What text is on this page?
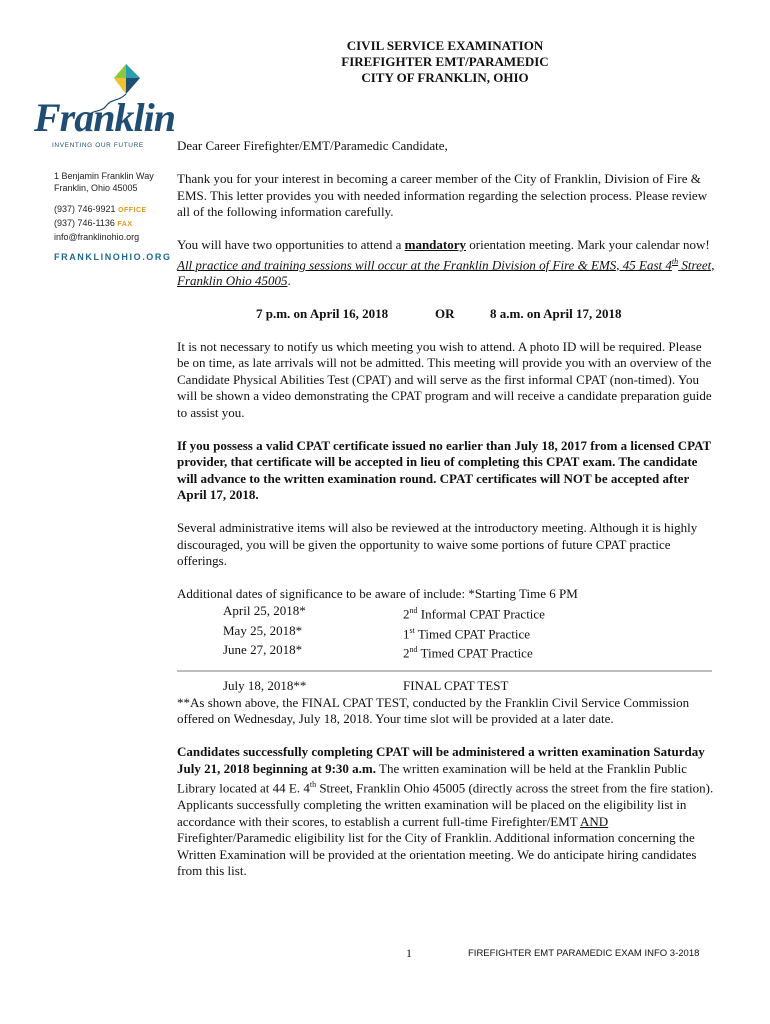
CIVIL SERVICE EXAMINATION
FIREFIGHTER EMT/PARAMEDIC
CITY OF FRANKLIN, OHIO
Franklin
INVENTING OUR FUTURE
1 Benjamin Franklin Way
Franklin, Ohio 45005
(937) 746-9921 OFFICE
(937) 746-1136 FAX
info@franklinohio.org
FRANKLINOHIO.ORG

Dear Career Firefighter/EMT/Paramedic Candidate,

Thank you for your interest in becoming a career member of the City of Franklin, Division of Fire & EMS. This letter provides you with needed information regarding the selection process. Please review all of the following information carefully.

You will have two opportunities to attend a mandatory orientation meeting. Mark your calendar now! All practice and training sessions will occur at the Franklin Division of Fire & EMS, 45 East 4th Street, Franklin Ohio 45005.

7 p.m. on April 16, 2018	OR	8 a.m. on April 17, 2018

It is not necessary to notify us which meeting you wish to attend. A photo ID will be required. Please be on time, as late arrivals will not be admitted. This meeting will provide you with an overview of the Candidate Physical Abilities Test (CPAT) and will serve as the first informal CPAT (non-timed). You will be shown a video demonstrating the CPAT program and will receive a candidate preparation guide to assist you.

If you possess a valid CPAT certificate issued no earlier than July 18, 2017 from a licensed CPAT provider, that certificate will be accepted in lieu of completing this CPAT exam. The candidate will advance to the written examination round. CPAT certificates will NOT be accepted after April 17, 2018.

Several administrative items will also be reviewed at the introductory meeting. Although it is highly discouraged, you will be given the opportunity to waive some portions of future CPAT practice offerings.

Additional dates of significance to be aware of include: *Starting Time 6 PM

April 25, 2018*	2nd Informal CPAT Practice
May 25, 2018*	1st Timed CPAT Practice
June 27, 2018*	2nd Timed CPAT Practice
July 18, 2018**	FINAL CPAT TEST

**As shown above, the FINAL CPAT TEST, conducted by the Franklin Civil Service Commission offered on Wednesday, July 18, 2018. Your time slot will be provided at a later date.

Candidates successfully completing CPAT will be administered a written examination Saturday July 21, 2018 beginning at 9:30 a.m. The written examination will be held at the Franklin Public Library located at 44 E. 4th Street, Franklin Ohio 45005 (directly across the street from the fire station). Applicants successfully completing the written examination will be placed on the eligibility list in accordance with their scores, to establish a current full-time Firefighter/EMT AND Firefighter/Paramedic eligibility list for the City of Franklin. Additional information concerning the Written Examination will be provided at the orientation meeting. We do anticipate hiring candidates from this list.

1	FIREFIGHTER EMT PARAMEDIC EXAM INFO 3-2018
